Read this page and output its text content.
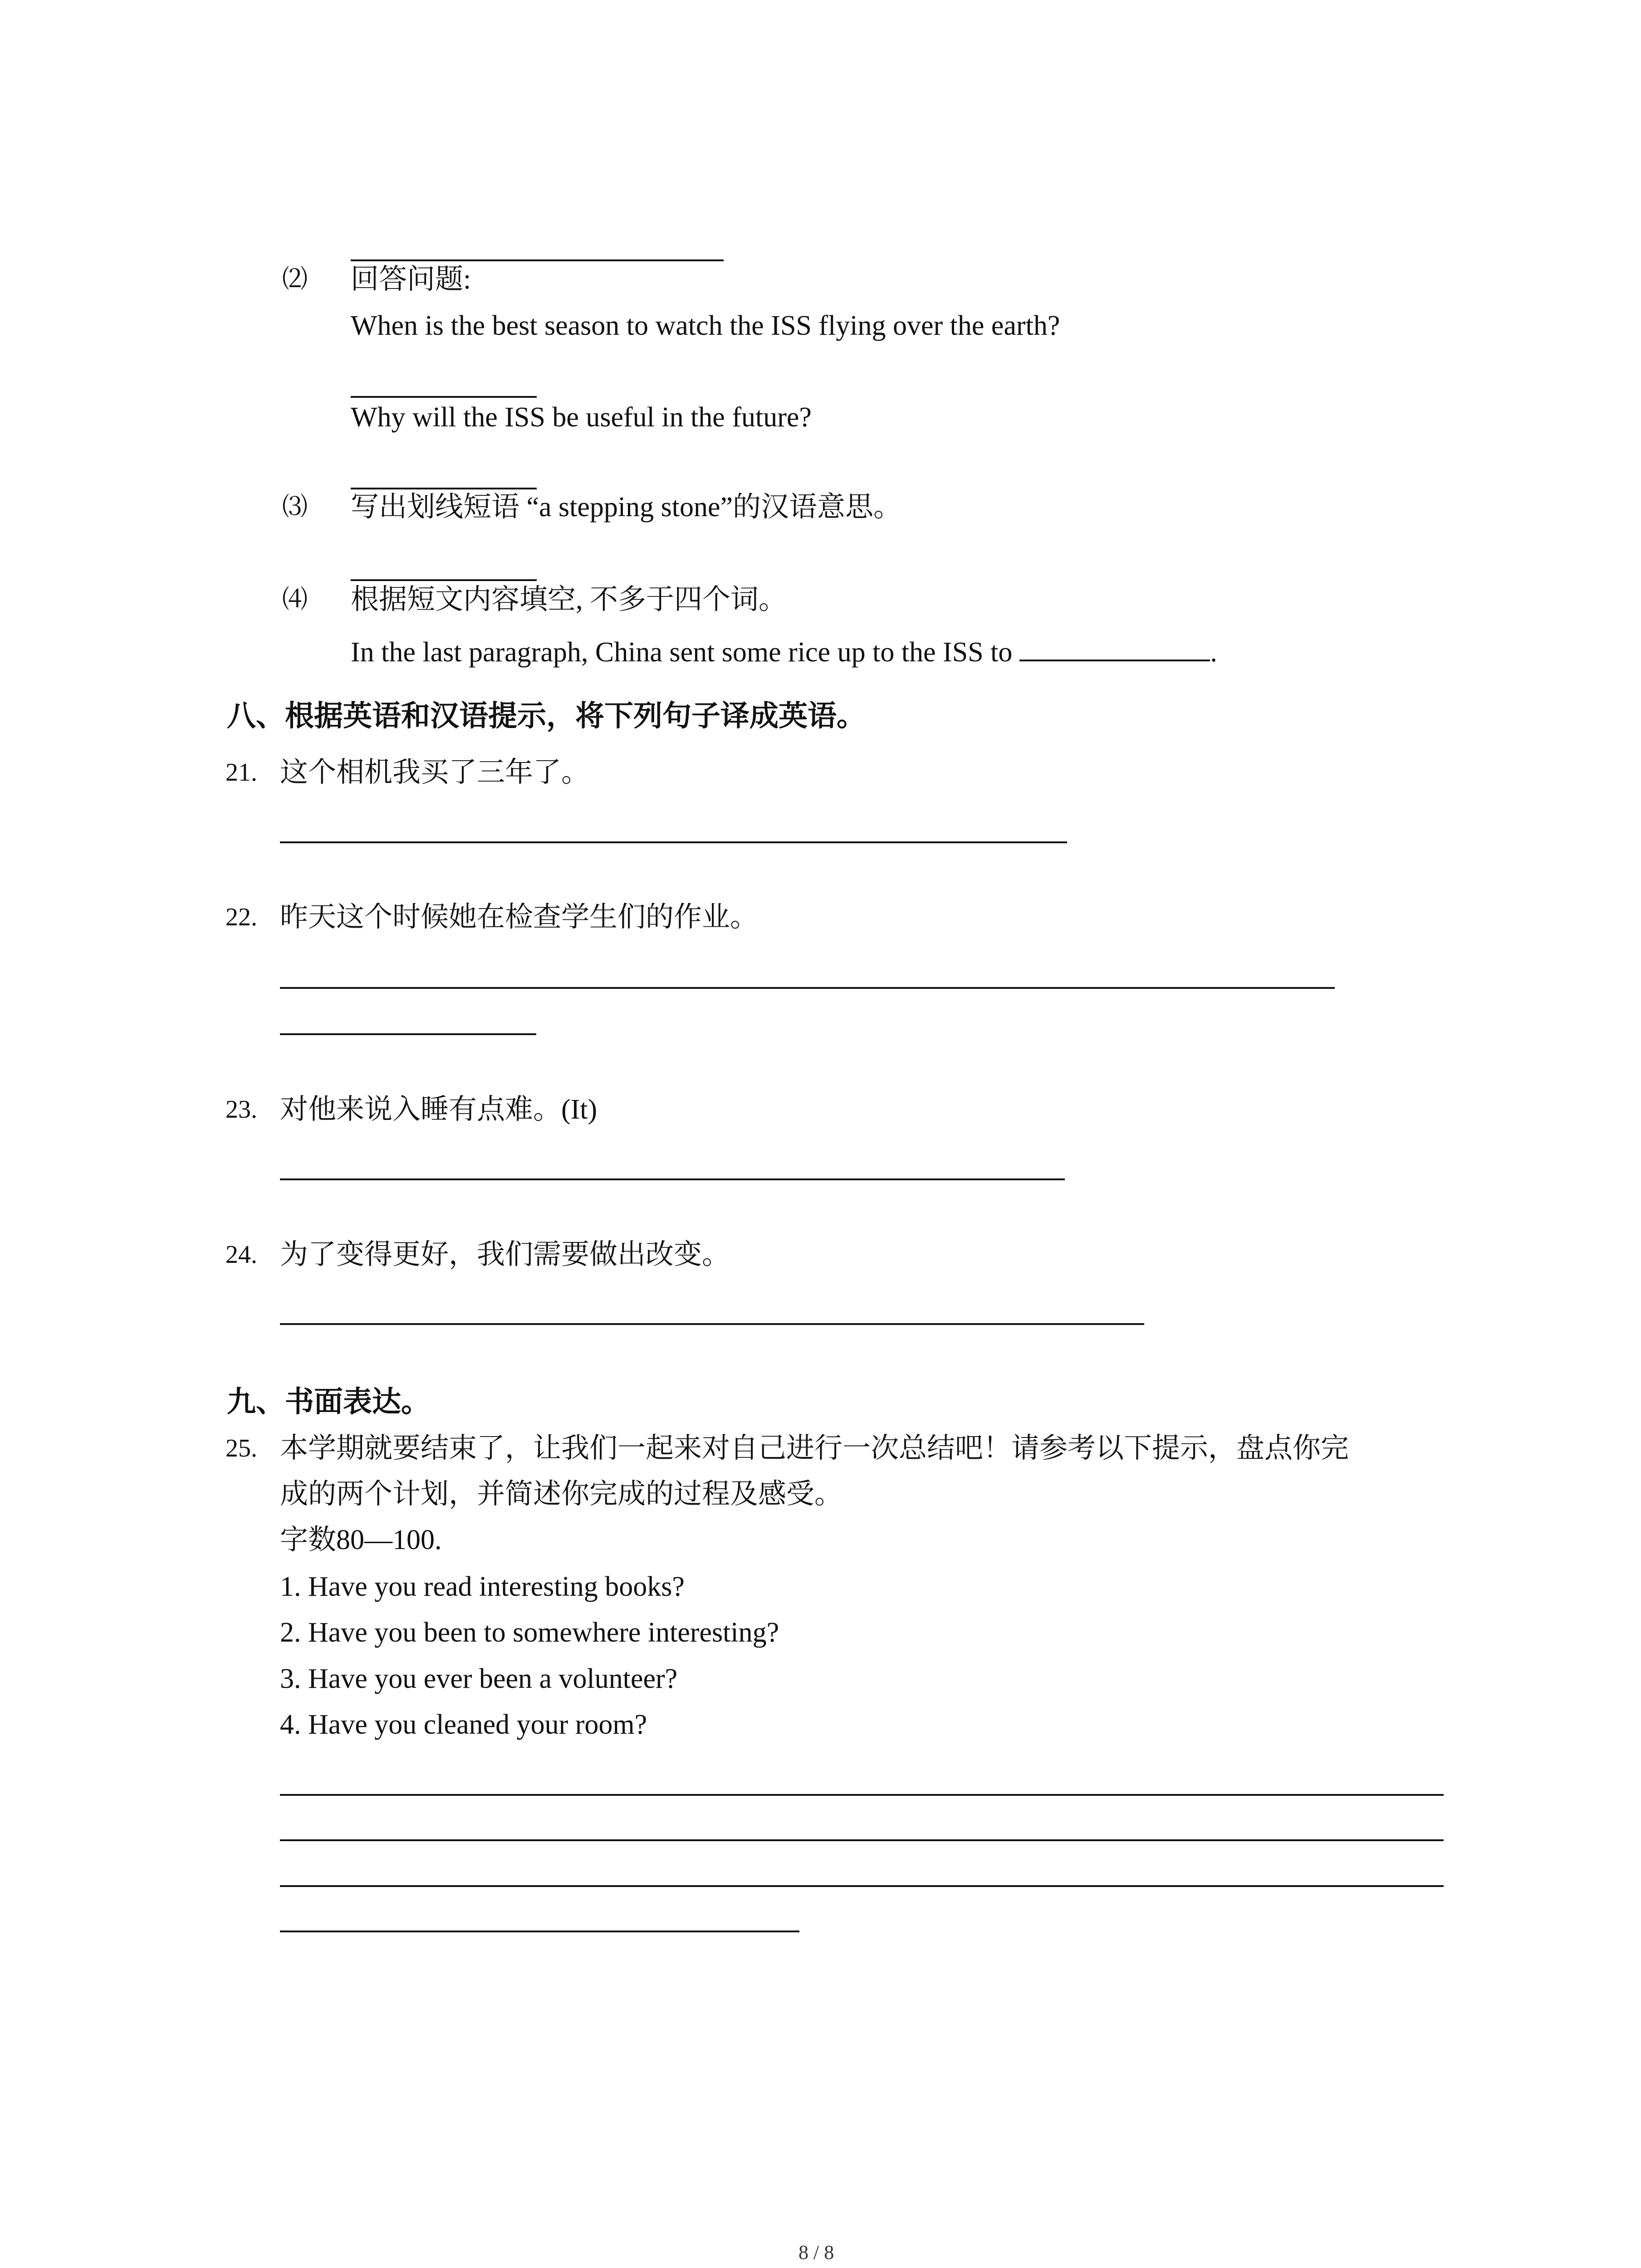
⑵ 回答问题:
When is the best season to watch the ISS flying over the earth?
Why will the ISS be useful in the future?
⑶ 写出划线短语 “a stepping stone”的汉语意思。
⑷ 根据短文内容填空, 不多于四个词。
In the last paragraph, China sent some rice up to the ISS to	.
八、根据英语和汉语提示，将下列句子译成英语。
21. 这个相机我买了三年了。
22. 昨天这个时候她在检查学生们的作业。
23. 对他来说入睡有点难。(It)
24. 为了变得更好，我们需要做出改变。
九、书面表达。
25. 本学期就要结束了，让我们一起来对自己进行一次总结吧！请参考以下提示，盘点你完
成的两个计划，并简述你完成的过程及感受。
字数80—100.
1. Have you read interesting books?
2. Have you been to somewhere interesting?
3. Have you ever been a volunteer?
4. Have you cleaned your room?
8 / 8
